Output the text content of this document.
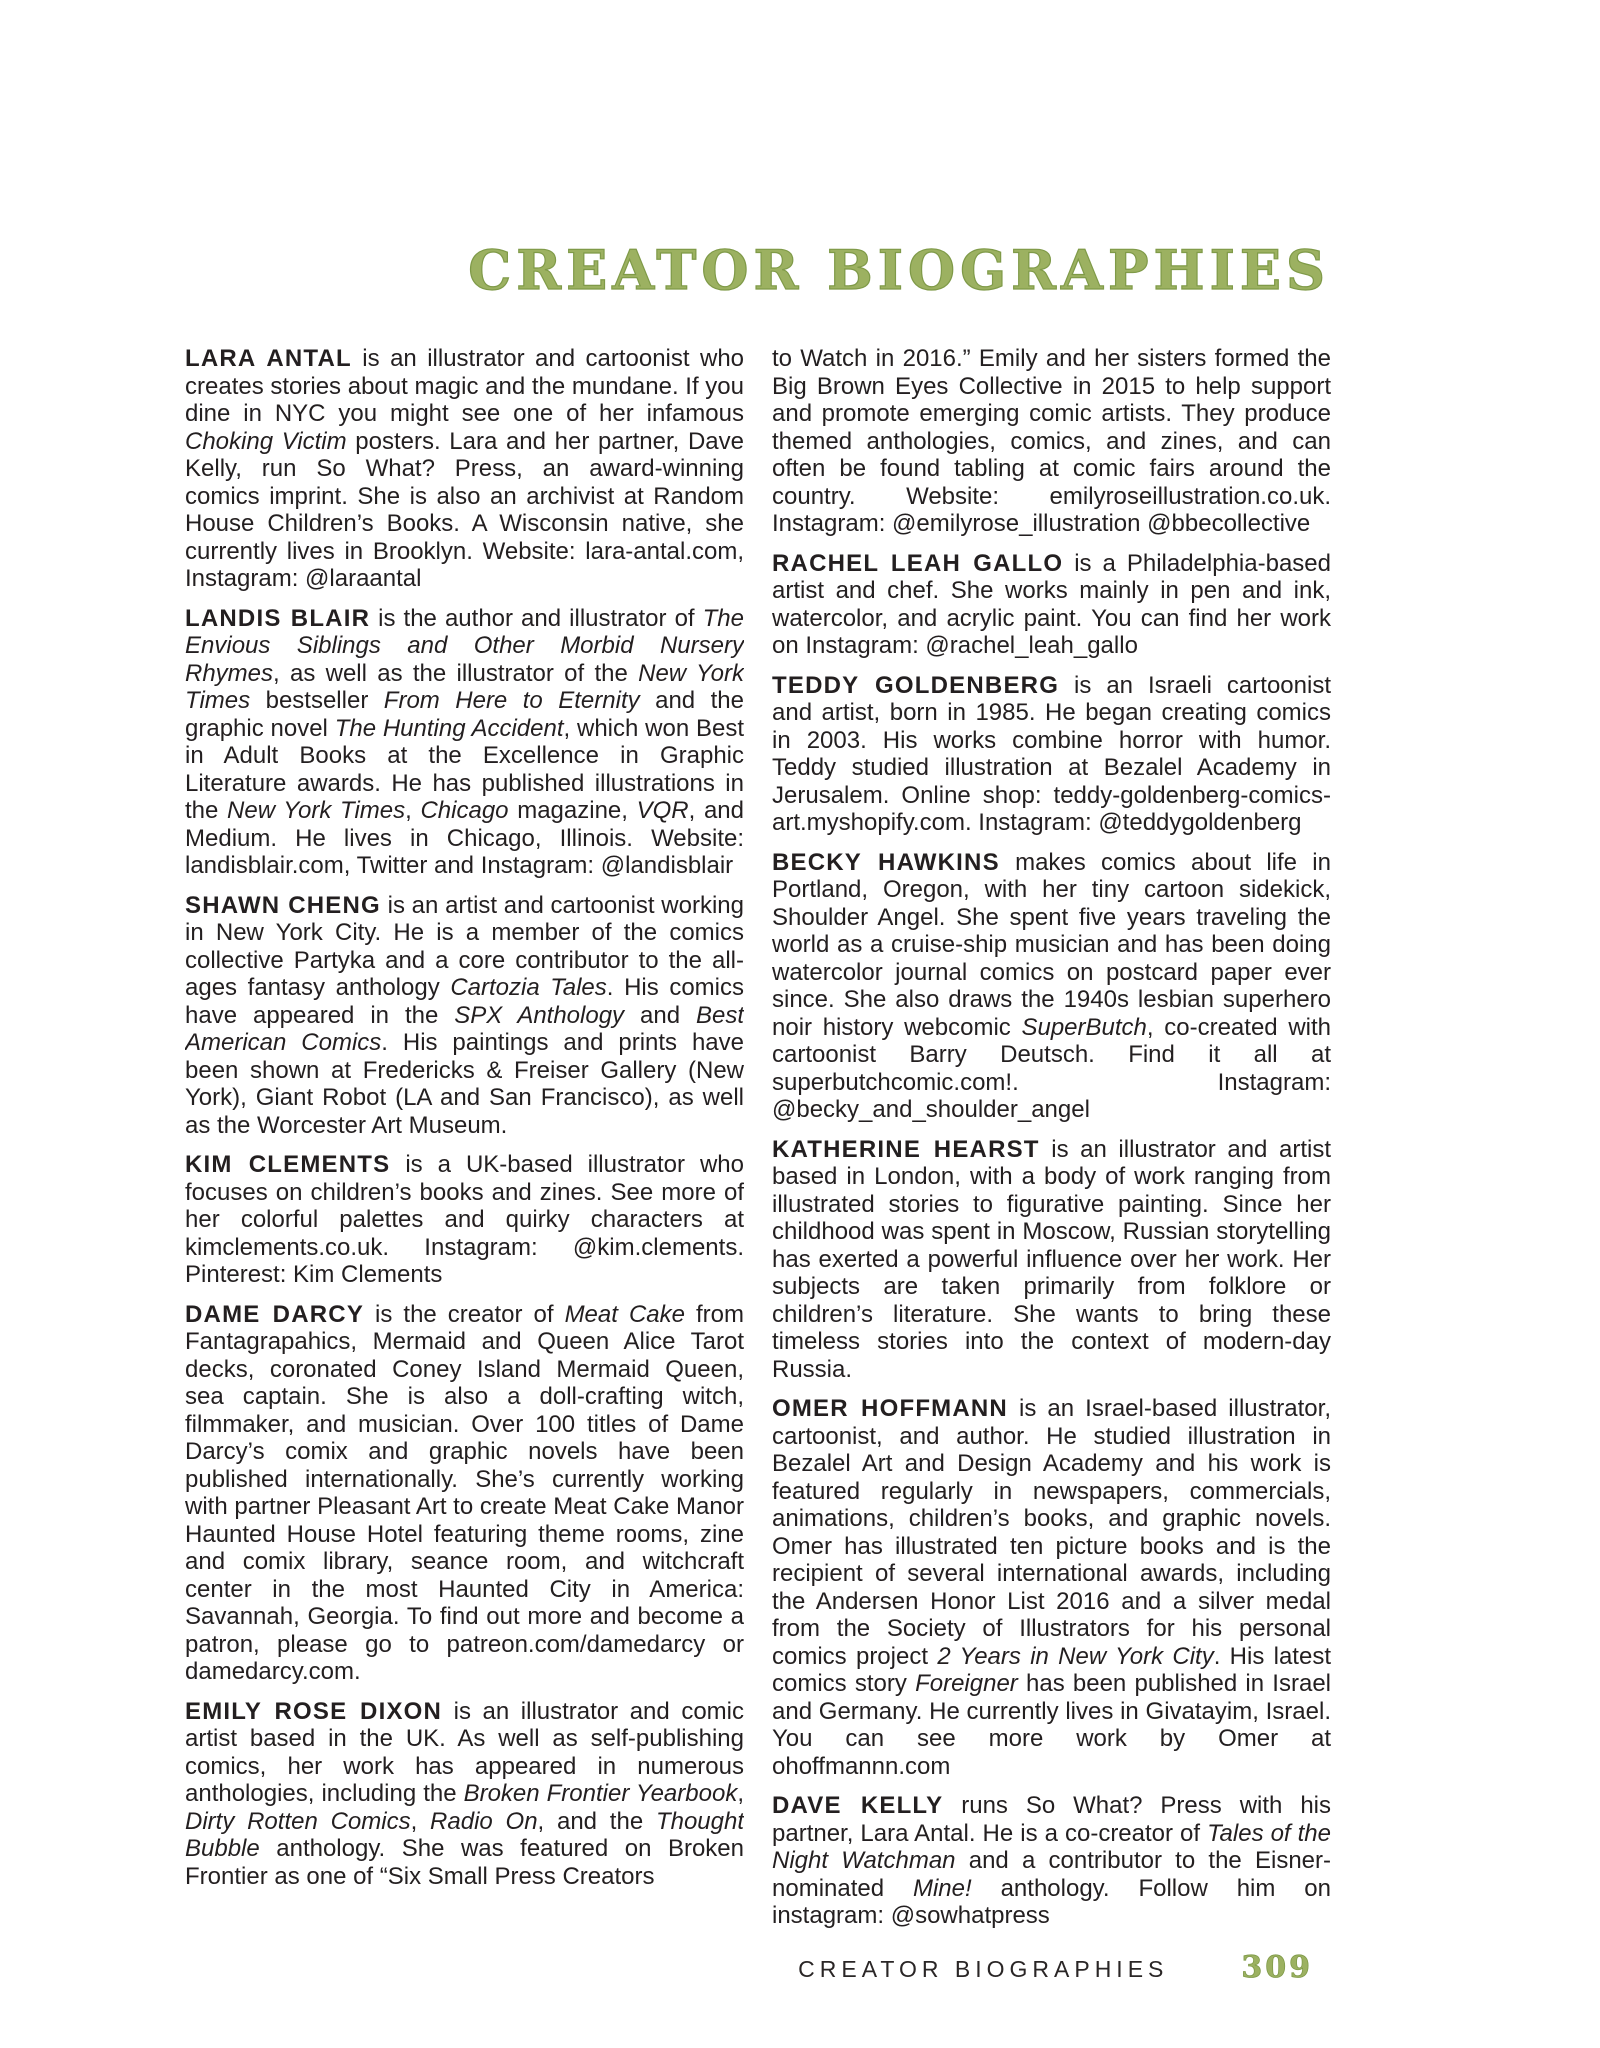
CREATOR BIOGRAPHIES

LARA ANTAL is an illustrator and cartoonist who creates stories about magic and the mundane. If you dine in NYC you might see one of her infamous Choking Victim posters. Lara and her partner, Dave Kelly, run So What? Press, an award-winning comics imprint. She is also an archivist at Random House Children’s Books. A Wisconsin native, she currently lives in Brooklyn. Website: lara-antal.com, Instagram: @laraantal

LANDIS BLAIR is the author and illustrator of The Envious Siblings and Other Morbid Nursery Rhymes, as well as the illustrator of the New York Times bestseller From Here to Eternity and the graphic novel The Hunting Accident, which won Best in Adult Books at the Excellence in Graphic Literature awards. He has published illustrations in the New York Times, Chicago magazine, VQR, and Medium. He lives in Chicago, Illinois. Website: landisblair.com, Twitter and Instagram: @landisblair

SHAWN CHENG is an artist and cartoonist working in New York City. He is a member of the comics collective Partyka and a core contributor to the all-ages fantasy anthology Cartozia Tales. His comics have appeared in the SPX Anthology and Best American Comics. His paintings and prints have been shown at Fredericks & Freiser Gallery (New York), Giant Robot (LA and San Francisco), as well as the Worcester Art Museum.

KIM CLEMENTS is a UK-based illustrator who focuses on children’s books and zines. See more of her colorful palettes and quirky characters at kimclements.co.uk. Instagram: @kim.clements. Pinterest: Kim Clements

DAME DARCY is the creator of Meat Cake from Fantagrapahics, Mermaid and Queen Alice Tarot decks, coronated Coney Island Mermaid Queen, sea captain. She is also a doll-crafting witch, filmmaker, and musician. Over 100 titles of Dame Darcy’s comix and graphic novels have been published internationally. She’s currently working with partner Pleasant Art to create Meat Cake Manor Haunted House Hotel featuring theme rooms, zine and comix library, seance room, and witchcraft center in the most Haunted City in America: Savannah, Georgia. To find out more and become a patron, please go to patreon.com/damedarcy or damedarcy.com.

EMILY ROSE DIXON is an illustrator and comic artist based in the UK. As well as self-publishing comics, her work has appeared in numerous anthologies, including the Broken Frontier Yearbook, Dirty Rotten Comics, Radio On, and the Thought Bubble anthology. She was featured on Broken Frontier as one of “Six Small Press Creators

to Watch in 2016.” Emily and her sisters formed the Big Brown Eyes Collective in 2015 to help support and promote emerging comic artists. They produce themed anthologies, comics, and zines, and can often be found tabling at comic fairs around the country. Website: emilyroseillustration.co.uk. Instagram: @emilyrose_illustration @bbecollective

RACHEL LEAH GALLO is a Philadelphia-based artist and chef. She works mainly in pen and ink, watercolor, and acrylic paint. You can find her work on Instagram: @rachel_leah_gallo

TEDDY GOLDENBERG is an Israeli cartoonist and artist, born in 1985. He began creating comics in 2003. His works combine horror with humor. Teddy studied illustration at Bezalel Academy in Jerusalem. Online shop: teddy-goldenberg-comics-art.myshopify.com. Instagram: @teddygoldenberg

BECKY HAWKINS makes comics about life in Portland, Oregon, with her tiny cartoon sidekick, Shoulder Angel. She spent five years traveling the world as a cruise-ship musician and has been doing watercolor journal comics on postcard paper ever since. She also draws the 1940s lesbian superhero noir history webcomic SuperButch, co-created with cartoonist Barry Deutsch. Find it all at superbutchcomic.com!. Instagram: @becky_and_shoulder_angel

KATHERINE HEARST is an illustrator and artist based in London, with a body of work ranging from illustrated stories to figurative painting. Since her childhood was spent in Moscow, Russian storytelling has exerted a powerful influence over her work. Her subjects are taken primarily from folklore or children’s literature. She wants to bring these timeless stories into the context of modern-day Russia.

OMER HOFFMANN is an Israel-based illustrator, cartoonist, and author. He studied illustration in Bezalel Art and Design Academy and his work is featured regularly in newspapers, commercials, animations, children’s books, and graphic novels. Omer has illustrated ten picture books and is the recipient of several international awards, including the Andersen Honor List 2016 and a silver medal from the Society of Illustrators for his personal comics project 2 Years in New York City. His latest comics story Foreigner has been published in Israel and Germany. He currently lives in Givatayim, Israel. You can see more work by Omer at ohoffmannn.com

DAVE KELLY runs So What? Press with his partner, Lara Antal. He is a co-creator of Tales of the Night Watchman and a contributor to the Eisner-nominated Mine! anthology. Follow him on instagram: @sowhatpress

CREATOR BIOGRAPHIES 309
